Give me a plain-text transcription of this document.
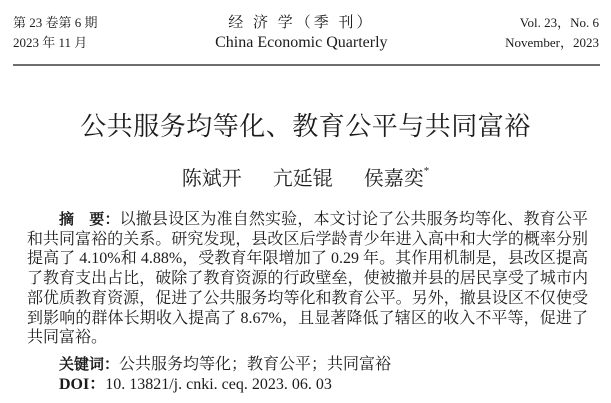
第 23 卷第 6 期
2023 年 11 月
经 济 学（季 刊）
China Economic Quarterly
Vol. 23，No. 6
November，2023
公共服务均等化、教育公平与共同富裕
陈斌开 亢延锟 侯嘉奕*

摘　要：以撤县设区为准自然实验，本文讨论了公共服务均等化、教育公平和共同富裕的关系。研究发现，县改区后学龄青少年进入高中和大学的概率分别提高了 4.10%和 4.88%，受教育年限增加了 0.29 年。其作用机制是，县改区提高了教育支出占比，破除了教育资源的行政壁垒，使被撤并县的居民享受了城市内部优质教育资源，促进了公共服务均等化和教育公平。另外，撤县设区不仅使受到影响的群体长期收入提高了 8.67%，且显著降低了辖区的收入不平等，促进了共同富裕。

关键词：公共服务均等化；教育公平；共同富裕

DOI：10. 13821/j. cnki. ceq. 2023. 06. 03
